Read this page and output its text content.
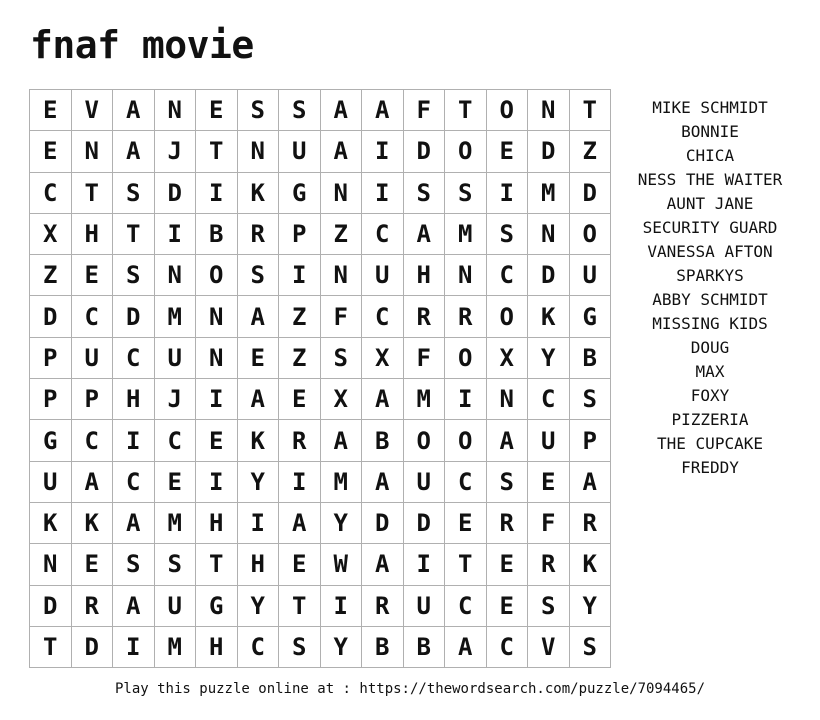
fnaf movie
E	V	A	N	E	S	S	A	A	F	T	O	N	T
E	N	A	J	T	N	U	A	I	D	O	E	D	Z
C	T	S	D	I	K	G	N	I	S	S	I	M	D
X	H	T	I	B	R	P	Z	C	A	M	S	N	O
Z	E	S	N	O	S	I	N	U	H	N	C	D	U
D	C	D	M	N	A	Z	F	C	R	R	O	K	G
P	U	C	U	N	E	Z	S	X	F	O	X	Y	B
P	P	H	J	I	A	E	X	A	M	I	N	C	S
G	C	I	C	E	K	R	A	B	O	O	A	U	P
U	A	C	E	I	Y	I	M	A	U	C	S	E	A
K	K	A	M	H	I	A	Y	D	D	E	R	F	R
N	E	S	S	T	H	E	W	A	I	T	E	R	K
D	R	A	U	G	Y	T	I	R	U	C	E	S	Y
T	D	I	M	H	C	S	Y	B	B	A	C	V	S
MIKE SCHMIDT
BONNIE
CHICA
NESS THE WAITER
AUNT JANE
SECURITY GUARD
VANESSA AFTON
SPARKYS
ABBY SCHMIDT
MISSING KIDS
DOUG
MAX
FOXY
PIZZERIA
THE CUPCAKE
FREDDY
Play this puzzle online at : https://thewordsearch.com/puzzle/7094465/
